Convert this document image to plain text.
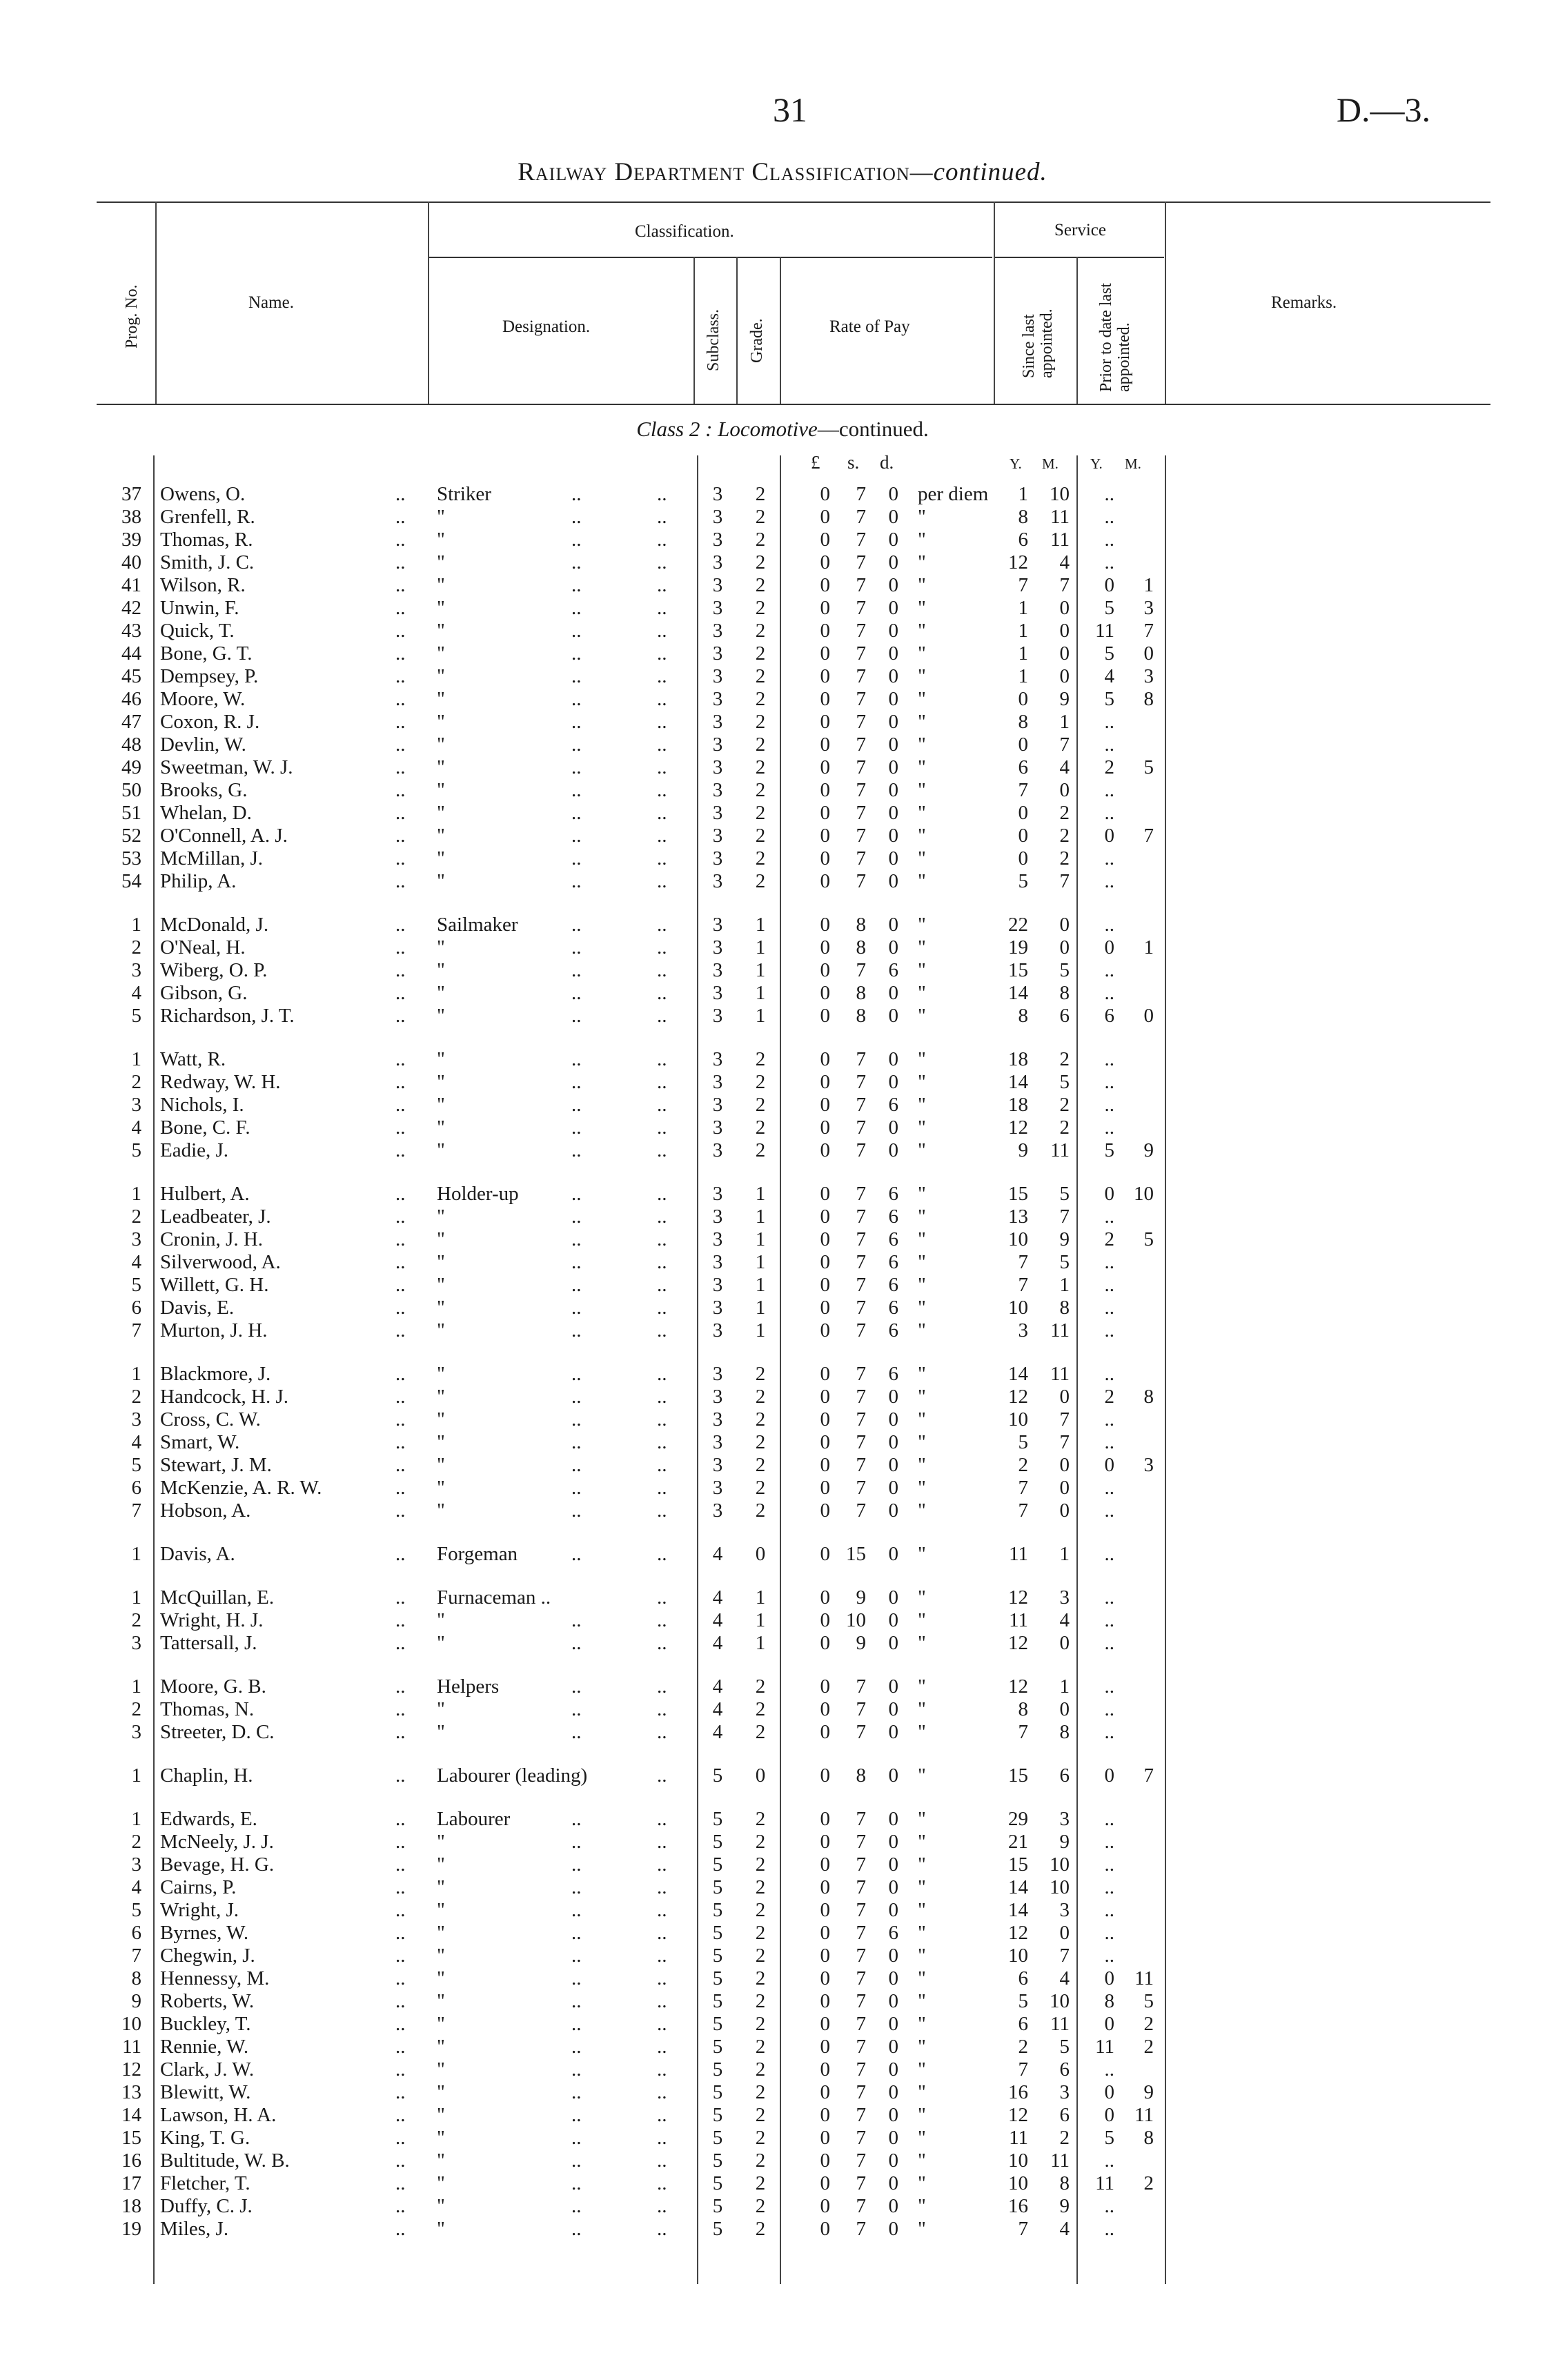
31	D.—3.
Railway Department Classification—continued.
Prog. No.	Name.
Classification.
Designation.	Subclass. Grade.	Rate of Pay
Service
Since last appointed. Prior to date last appointed.
Remarks.
Class 2 : Locomotive—continued.
£ s. d.	Y. M. Y. M.
37 Owens, O.	.. Striker	..	.. 3 2	0	7	0 per diem	1	10	..
38 Grenfell, R.	.. "	..	.. 3 2	0	7	0 "	8	11	..
39 Thomas, R.	.. "	..	.. 3 2	0	7	0 "	6	11	..
40 Smith, J. C.	.. "	..	.. 3 2	0	7	0 "	12	4	..
41 Wilson, R.	.. "	..	.. 3 2	0	7	0 "	7	7	0	1
42 Unwin, F.	.. "	..	.. 3 2	0	7	0 "	1	0	5	3
43 Quick, T.	.. "	..	.. 3 2	0	7	0 "	1	0	11	7
44 Bone, G. T.	.. "	..	.. 3 2	0	7	0 "	1	0	5	0
45 Dempsey, P.	.. "	..	.. 3 2	0	7	0 "	1	0	4	3
46 Moore, W.	.. "	..	.. 3 2	0	7	0 "	0	9	5	8
47 Coxon, R. J.	.. "	..	.. 3 2	0	7	0 "	8	1	..
48 Devlin, W.	.. "	..	.. 3 2	0	7	0 "	0	7	..
49 Sweetman, W. J.	.. "	..	.. 3 2	0	7	0 "	6	4	2	5
50 Brooks, G.	.. "	..	.. 3 2	0	7	0 "	7	0	..
51 Whelan, D.	.. "	..	.. 3 2	0	7	0 "	0	2	..
52 O'Connell, A. J.	.. "	..	.. 3 2	0	7	0 "	0	2	0	7
53 McMillan, J.	.. "	..	.. 3 2	0	7	0 "	0	2	..
54 Philip, A.	.. "	..	.. 3 2	0	7	0 "	5	7	..
1 McDonald, J.	.. Sailmaker	..	.. 3 1	0	8	0 "	22	0	..
2 O'Neal, H.	.. "	..	.. 3 1	0	8	0 "	19	0	0	1
3 Wiberg, O. P.	.. "	..	.. 3 1	0	7	6 "	15	5	..
4 Gibson, G.	.. "	..	.. 3 1	0	8	0 "	14	8	..
5 Richardson, J. T.	.. "	..	.. 3 1	0	8	0 "	8	6	6	0
1 Watt, R.	.. "	..	.. 3 2	0	7	0 "	18	2	..
2 Redway, W. H.	.. "	..	.. 3 2	0	7	0 "	14	5	..
3 Nichols, I.	.. "	..	.. 3 2	0	7	6 "	18	2	..
4 Bone, C. F.	.. "	..	.. 3 2	0	7	0 "	12	2	..
5 Eadie, J.	.. "	..	.. 3 2	0	7	0 "	9	11	5	9
1 Hulbert, A.	.. Holder-up	..	.. 3 1	0	7	6 "	15	5	0 10
2 Leadbeater, J.	.. "	..	.. 3 1	0	7	6 "	13	7	..
3 Cronin, J. H.	.. "	..	.. 3 1	0	7	6 "	10	9	2	5
4 Silverwood, A.	.. "	..	.. 3 1	0	7	6 "	7	5	..
5 Willett, G. H.	.. "	..	.. 3 1	0	7	6 "	7	1	..
6 Davis, E.	.. "	..	.. 3 1	0	7	6 "	10	8	..
7 Murton, J. H.	.. "	..	.. 3 1	0	7	6 "	3	11	..
1 Blackmore, J.	.. "	..	.. 3 2	0	7	6 "	14	11	..
2 Handcock, H. J.	.. "	..	.. 3 2	0	7	0 "	12	0	2	8
3 Cross, C. W.	.. "	..	.. 3 2	0	7	0 "	10	7	..
4 Smart, W.	.. "	..	.. 3 2	0	7	0 "	5	7	..
5 Stewart, J. M.	.. "	..	.. 3 2	0	7	0 "	2	0	0	3
6 McKenzie, A. R. W.	.. "	..	.. 3 2	0	7	0 "	7	0	..
7 Hobson, A.	.. "	..	.. 3 2	0	7	0 "	7	0	..
1 Davis, A.	.. Forgeman	..	.. 4 0	0 15	0 "	11	1	..
1 McQuillan, E.	.. Furnaceman ..	.. 4 1	0	9	0 "	12	3	..
2 Wright, H. J.	.. "	..	.. 4 1	0 10	0 "	11	4	..
3 Tattersall, J.	.. "	..	.. 4 1	0	9	0 "	12	0	..
1 Moore, G. B.	.. Helpers	..	.. 4 2	0	7	0 "	12	1	..
2 Thomas, N.	.. "	..	.. 4 2	0	7	0 "	8	0	..
3 Streeter, D. C.	.. "	..	.. 4 2	0	7	0 "	7	8	..
1 Chaplin, H.	.. Labourer (leading)	.. 5 0	0	8	0 "	15	6	0	7
1 Edwards, E.	.. Labourer	..	.. 5 2	0	7	0 "	29	3	..
2 McNeely, J. J.	.. "	..	.. 5 2	0	7	0 "	21	9	..
3 Bevage, H. G.	.. "	..	.. 5 2	0	7	0 "	15	10	..
4 Cairns, P.	.. "	..	.. 5 2	0	7	0 "	14	10	..
5 Wright, J.	.. "	..	.. 5 2	0	7	0 "	14	3	..
6 Byrnes, W.	.. "	..	.. 5 2	0	7	6 "	12	0	..
7 Chegwin, J.	.. "	..	.. 5 2	0	7	0 "	10	7	..
8 Hennessy, M.	.. "	..	.. 5 2	0	7	0 "	6	4	0	11
9 Roberts, W.	.. "	..	.. 5 2	0	7	0 "	5	10	8	5
10 Buckley, T.	.. "	..	.. 5 2	0	7	0 "	6	11	0	2
11 Rennie, W.	.. "	..	.. 5 2	0	7	0 "	2	5	11	2
12 Clark, J. W.	.. "	..	.. 5 2	0	7	0 "	7	6	..
13 Blewitt, W.	.. "	..	.. 5 2	0	7	0 "	16	3	0	9
14 Lawson, H. A.	.. "	..	.. 5 2	0	7	0 "	12	6	0	11
15 King, T. G.	.. "	..	.. 5 2	0	7	0 "	11	2	5	8
16 Bultitude, W. B.	.. "	..	.. 5 2	0	7	0 "	10	11	..
17 Fletcher, T.	.. "	..	.. 5 2	0	7	0 "	10	8	11	2
18 Duffy, C. J.	.. "	..	.. 5 2	0	7	0 "	16	9	..
19 Miles, J.	.. "	..	.. 5 2	0	7	0 "	7	4	..
